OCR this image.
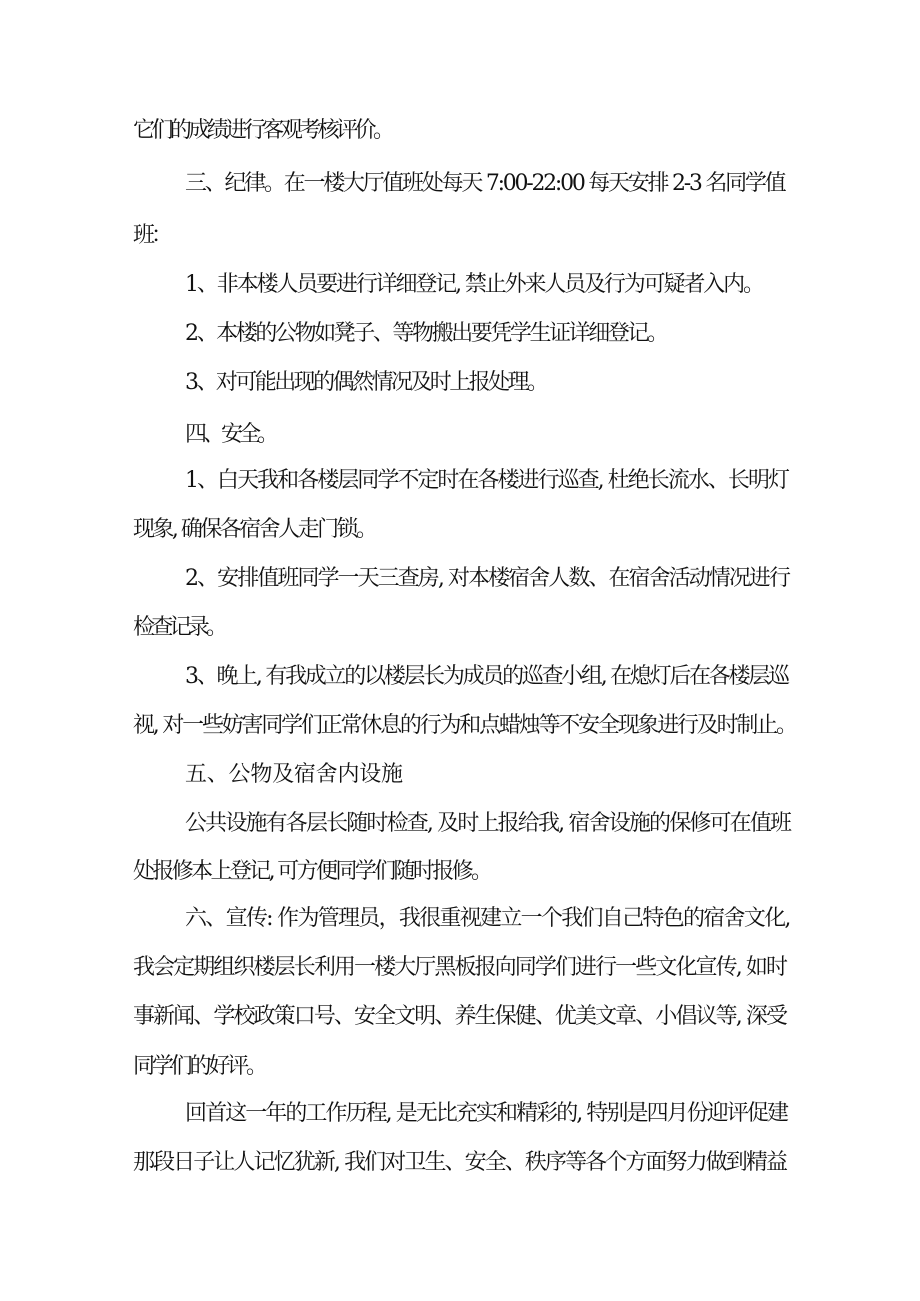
它们的成绩进行客观考核评价。
三、纪律。在一楼大厅值班处每天 7:00-22:00 每天安排 2-3 名同学值
班：
1、非本楼人员要进行详细登记, 禁止外来人员及行为可疑者入内。
2、本楼的公物如凳子、等物搬出要凭学生证详细登记。
3、对可能出现的偶然情况及时上报处理。
四、安全。
1、白天我和各楼层同学不定时在各楼进行巡查, 杜绝长流水、长明灯
现象, 确保各宿舍人走门锁。
2、安排值班同学一天三查房, 对本楼宿舍人数、在宿舍活动情况进行
检查记录。
3、晚上, 有我成立的以楼层长为成员的巡查小组, 在熄灯后在各楼层巡
视, 对一些妨害同学们正常休息的行为和点蜡烛等不安全现象进行及时制止。
五、公物及宿舍内设施
公共设施有各层长随时检查, 及时上报给我, 宿舍设施的保修可在值班
处报修本上登记, 可方便同学们随时报修。
六、宣传: 作为管理员，我很重视建立一个我们自己特色的宿舍文化,
我会定期组织楼层长利用一楼大厅黑板报向同学们进行一些文化宣传, 如时
事新闻、学校政策口号、安全文明、养生保健、优美文章、小倡议等, 深受
同学们的好评。
回首这一年的工作历程, 是无比充实和精彩的, 特别是四月份迎评促建
那段日子让人记忆犹新, 我们对卫生、安全、秩序等各个方面努力做到精益
